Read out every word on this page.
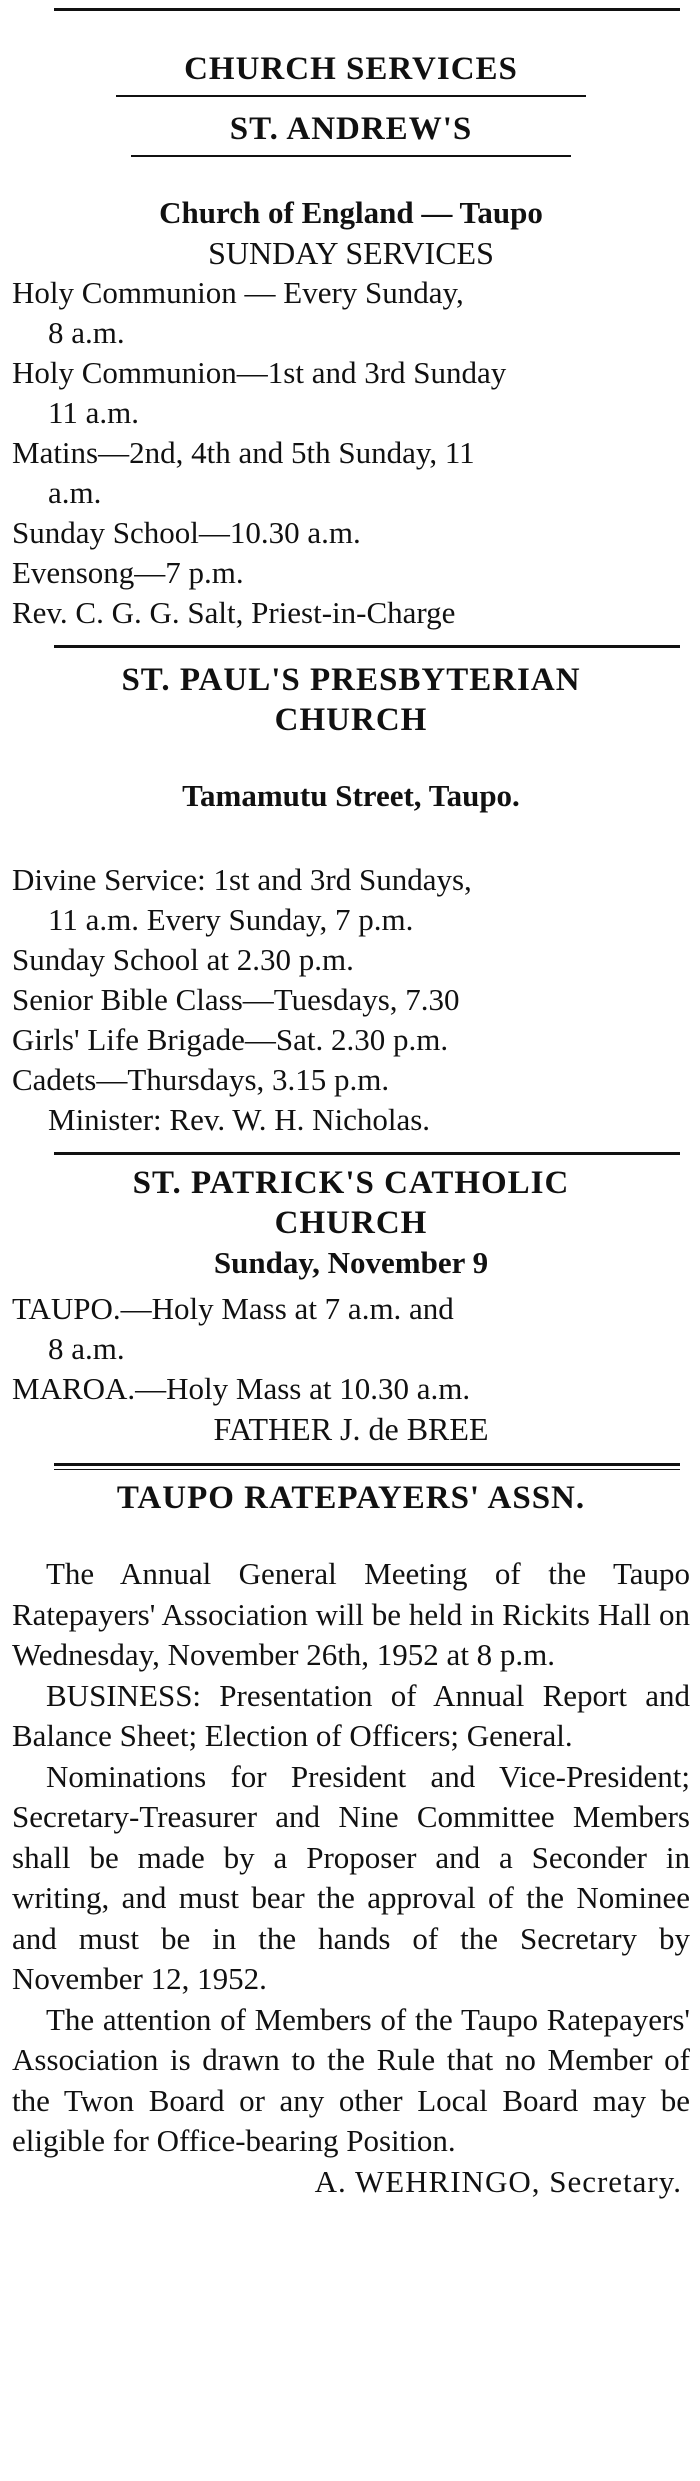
CHURCH SERVICES
ST. ANDREW'S
Church of England — Taupo
SUNDAY SERVICES
Holy Communion — Every Sunday,
8 a.m.
Holy Communion—1st and 3rd Sunday
11 a.m.
Matins—2nd, 4th and 5th Sunday, 11
a.m.
Sunday School—10.30 a.m.
Evensong—7 p.m.
Rev. C. G. G. Salt, Priest-in-Charge
ST. PAUL'S PRESBYTERIAN
CHURCH
Tamamutu Street, Taupo.
Divine Service: 1st and 3rd Sundays,
11 a.m. Every Sunday, 7 p.m.
Sunday School at 2.30 p.m.
Senior Bible Class—Tuesdays, 7.30
Girls' Life Brigade—Sat. 2.30 p.m.
Cadets—Thursdays, 3.15 p.m.
Minister: Rev. W. H. Nicholas.
ST. PATRICK'S CATHOLIC
CHURCH
Sunday, November 9
TAUPO.—Holy Mass at 7 a.m. and
8 a.m.
MAROA.—Holy Mass at 10.30 a.m.
FATHER J. de BREE
TAUPO RATEPAYERS' ASSN.

The Annual General Meeting of the Taupo Ratepayers' Association will be held in Rickits Hall on Wednesday, November 26th, 1952 at 8 p.m.

BUSINESS: Presentation of Annual Report and Balance Sheet; Election of Officers; General.

Nominations for President and Vice-President; Secretary-Treasurer and Nine Committee Members shall be made by a Proposer and a Seconder in writing, and must bear the approval of the Nominee and must be in the hands of the Secretary by November 12, 1952.

The attention of Members of the Taupo Ratepayers' Association is drawn to the Rule that no Member of the Twon Board or any other Local Board may be eligible for Office-bearing Position.

A. WEHRINGO, Secretary.
